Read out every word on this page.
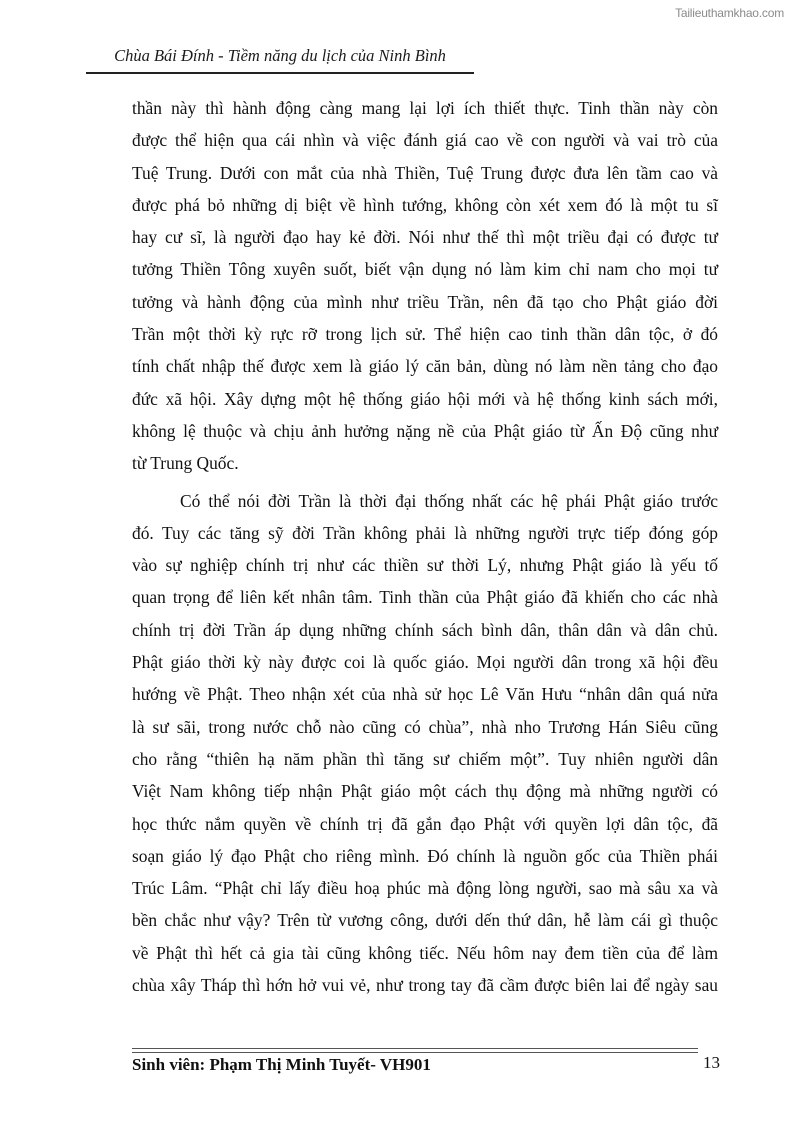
Tailieuthamkhao.com
Chùa Bái Đính - Tiềm năng du lịch của Ninh Bình
thần này thì hành động càng mang lại lợi ích thiết thực. Tinh thần này còn
được thể hiện qua cái nhìn và việc đánh giá cao về con người và vai trò của
Tuệ Trung. Dưới con mắt của nhà Thiền, Tuệ Trung được đưa lên tầm cao và
được phá bỏ những dị biệt về hình tướng, không còn xét xem đó là một tu sĩ
hay cư sĩ, là người đạo hay kẻ đời. Nói như thế thì một triều đại có được tư
tưởng Thiền Tông xuyên suốt, biết vận dụng nó làm kim chỉ nam cho mọi tư
tưởng và hành động của mình như triều Trần, nên đã tạo cho Phật giáo đời
Trần một thời kỳ rực rỡ trong lịch sử. Thể hiện cao tinh thần dân tộc, ở đó
tính chất nhập thế được xem là giáo lý căn bản, dùng nó làm nền tảng cho đạo
đức xã hội. Xây dựng một hệ thống giáo hội mới và hệ thống kinh sách mới,
không lệ thuộc và chịu ảnh hưởng nặng nề của Phật giáo từ Ấn Độ cũng như
từ Trung Quốc.
Có thể nói đời Trần là thời đại thống nhất các hệ phái Phật giáo trước
đó. Tuy các tăng sỹ đời Trần không phải là những người trực tiếp đóng góp
vào sự nghiệp chính trị như các thiền sư thời Lý, nhưng Phật giáo là yếu tố
quan trọng để liên kết nhân tâm. Tinh thần của Phật giáo đã khiến cho các nhà
chính trị đời Trần áp dụng những chính sách bình dân, thân dân và dân chủ.
Phật giáo thời kỳ này được coi là quốc giáo. Mọi người dân trong xã hội đều
hướng về Phật. Theo nhận xét của nhà sử học Lê Văn Hưu “nhân dân quá nửa
là sư sãi, trong nước chỗ nào cũng có chùa”, nhà nho Trương Hán Siêu cũng
cho rằng “thiên hạ năm phần thì tăng sư chiếm một”. Tuy nhiên người dân
Việt Nam không tiếp nhận Phật giáo một cách thụ động mà những người có
học thức nắm quyền về chính trị đã gắn đạo Phật với quyền lợi dân tộc, đã
soạn giáo lý đạo Phật cho riêng mình. Đó chính là nguồn gốc của Thiền phái
Trúc Lâm. “Phật chỉ lấy điều hoạ phúc mà động lòng người, sao mà sâu xa và
bền chắc như vậy? Trên từ vương công, dưới dến thứ dân, hễ làm cái gì thuộc
về Phật thì hết cả gia tài cũng không tiếc. Nếu hôm nay đem tiền của để làm
chùa xây Tháp thì hớn hở vui vẻ, như trong tay đã cầm được biên lai để ngày sau
Sinh viên: Phạm Thị Minh Tuyết- VH901	13
